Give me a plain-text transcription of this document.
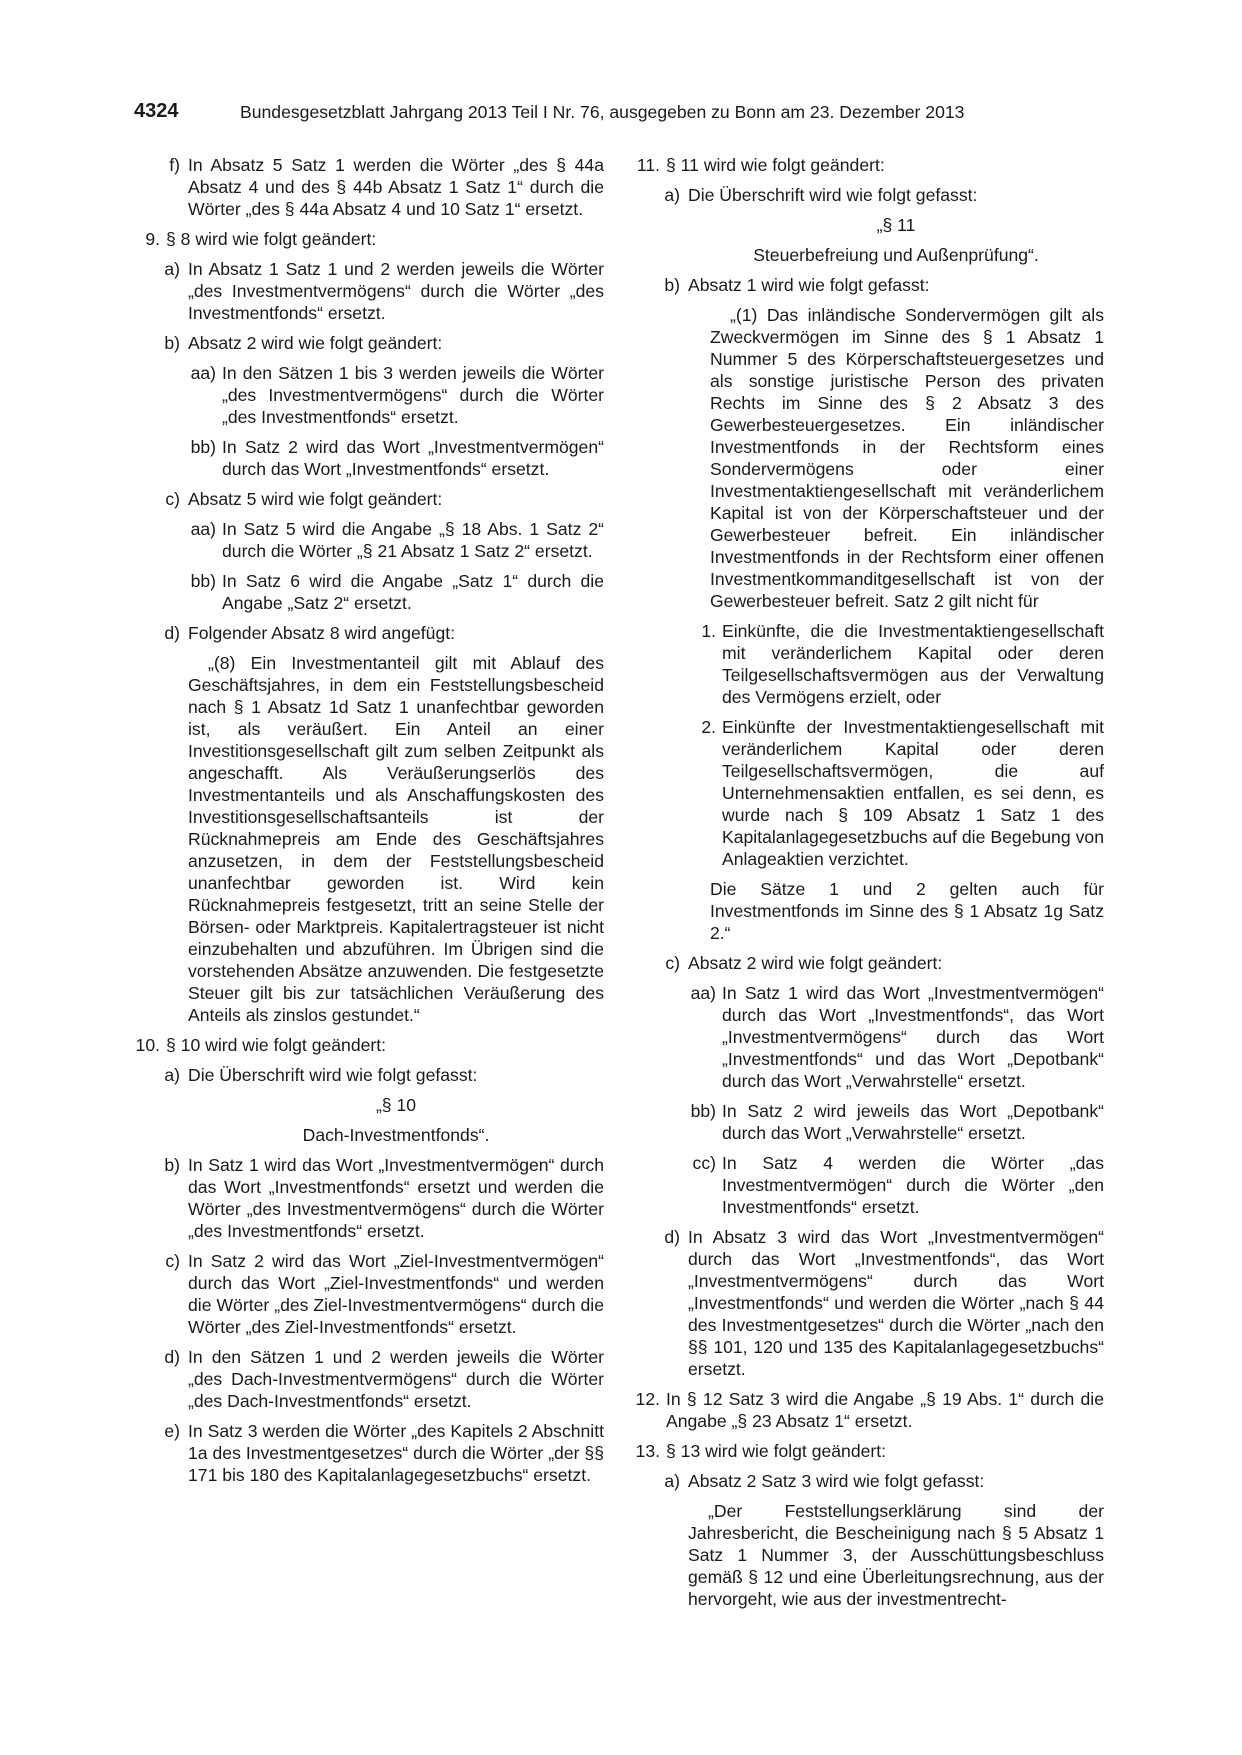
4324	Bundesgesetzblatt Jahrgang 2013 Teil I Nr. 76, ausgegeben zu Bonn am 23. Dezember 2013
f) In Absatz 5 Satz 1 werden die Wörter „des § 44a Absatz 4 und des § 44b Absatz 1 Satz 1“ durch die Wörter „des § 44a Absatz 4 und 10 Satz 1“ ersetzt.
9. § 8 wird wie folgt geändert:
a) In Absatz 1 Satz 1 und 2 werden jeweils die Wörter „des Investmentvermögens“ durch die Wörter „des Investmentfonds“ ersetzt.
b) Absatz 2 wird wie folgt geändert:
aa) In den Sätzen 1 bis 3 werden jeweils die Wörter „des Investmentvermögens“ durch die Wörter „des Investmentfonds“ ersetzt.
bb) In Satz 2 wird das Wort „Investmentvermögen“ durch das Wort „Investmentfonds“ ersetzt.
c) Absatz 5 wird wie folgt geändert:
aa) In Satz 5 wird die Angabe „§ 18 Abs. 1 Satz 2“ durch die Wörter „§ 21 Absatz 1 Satz 2“ ersetzt.
bb) In Satz 6 wird die Angabe „Satz 1“ durch die Angabe „Satz 2“ ersetzt.
d) Folgender Absatz 8 wird angefügt:
„(8) Ein Investmentanteil gilt mit Ablauf des Geschäftsjahres, in dem ein Feststellungsbescheid nach § 1 Absatz 1d Satz 1 unanfechtbar geworden ist, als veräußert. Ein Anteil an einer Investitionsgesellschaft gilt zum selben Zeitpunkt als angeschafft. Als Veräußerungserlös des Investmentanteils und als Anschaffungskosten des Investitionsgesellschaftsanteils ist der Rücknahmepreis am Ende des Geschäftsjahres anzusetzen, in dem der Feststellungsbescheid unanfechtbar geworden ist. Wird kein Rücknahmepreis festgesetzt, tritt an seine Stelle der Börsen- oder Marktpreis. Kapitalertragsteuer ist nicht einzubehalten und abzuführen. Im Übrigen sind die vorstehenden Absätze anzuwenden. Die festgesetzte Steuer gilt bis zur tatsächlichen Veräußerung des Anteils als zinslos gestundet.“
10. § 10 wird wie folgt geändert:
a) Die Überschrift wird wie folgt gefasst:
„§ 10
Dach-Investmentfonds“.
b) In Satz 1 wird das Wort „Investmentvermögen“ durch das Wort „Investmentfonds“ ersetzt und werden die Wörter „des Investmentvermögens“ durch die Wörter „des Investmentfonds“ ersetzt.
c) In Satz 2 wird das Wort „Ziel-Investmentvermögen“ durch das Wort „Ziel-Investmentfonds“ und werden die Wörter „des Ziel-Investmentvermögens“ durch die Wörter „des Ziel-Investmentfonds“ ersetzt.
d) In den Sätzen 1 und 2 werden jeweils die Wörter „des Dach-Investmentvermögens“ durch die Wörter „des Dach-Investmentfonds“ ersetzt.
e) In Satz 3 werden die Wörter „des Kapitels 2 Abschnitt 1a des Investmentgesetzes“ durch die Wörter „der §§ 171 bis 180 des Kapitalanlagegesetzbuchs“ ersetzt.
11. § 11 wird wie folgt geändert:
a) Die Überschrift wird wie folgt gefasst:
„§ 11
Steuerbefreiung und Außenprüfung“.
b) Absatz 1 wird wie folgt gefasst:
„(1) Das inländische Sondervermögen gilt als Zweckvermögen im Sinne des § 1 Absatz 1 Nummer 5 des Körperschaftsteuergesetzes und als sonstige juristische Person des privaten Rechts im Sinne des § 2 Absatz 3 des Gewerbesteuergesetzes. Ein inländischer Investmentfonds in der Rechtsform eines Sondervermögens oder einer Investmentaktiengesellschaft mit veränderlichem Kapital ist von der Körperschaftsteuer und der Gewerbesteuer befreit. Ein inländischer Investmentfonds in der Rechtsform einer offenen Investmentkommanditgesellschaft ist von der Gewerbesteuer befreit. Satz 2 gilt nicht für
1. Einkünfte, die die Investmentaktiengesellschaft mit veränderlichem Kapital oder deren Teilgesellschaftsvermögen aus der Verwaltung des Vermögens erzielt, oder
2. Einkünfte der Investmentaktiengesellschaft mit veränderlichem Kapital oder deren Teilgesellschaftsvermögen, die auf Unternehmensaktien entfallen, es sei denn, es wurde nach § 109 Absatz 1 Satz 1 des Kapitalanlagegesetzbuchs auf die Begebung von Anlageaktien verzichtet.
Die Sätze 1 und 2 gelten auch für Investmentfonds im Sinne des § 1 Absatz 1g Satz 2.“
c) Absatz 2 wird wie folgt geändert:
aa) In Satz 1 wird das Wort „Investmentvermögen“ durch das Wort „Investmentfonds“, das Wort „Investmentvermögens“ durch das Wort „Investmentfonds“ und das Wort „Depotbank“ durch das Wort „Verwahrstelle“ ersetzt.
bb) In Satz 2 wird jeweils das Wort „Depotbank“ durch das Wort „Verwahrstelle“ ersetzt.
cc) In Satz 4 werden die Wörter „das Investmentvermögen“ durch die Wörter „den Investmentfonds“ ersetzt.
d) In Absatz 3 wird das Wort „Investmentvermögen“ durch das Wort „Investmentfonds“, das Wort „Investmentvermögens“ durch das Wort „Investmentfonds“ und werden die Wörter „nach § 44 des Investmentgesetzes“ durch die Wörter „nach den §§ 101, 120 und 135 des Kapitalanlagegesetzbuchs“ ersetzt.
12. In § 12 Satz 3 wird die Angabe „§ 19 Abs. 1“ durch die Angabe „§ 23 Absatz 1“ ersetzt.
13. § 13 wird wie folgt geändert:
a) Absatz 2 Satz 3 wird wie folgt gefasst:
„Der Feststellungserklärung sind der Jahresbericht, die Bescheinigung nach § 5 Absatz 1 Satz 1 Nummer 3, der Ausschüttungsbeschluss gemäß § 12 und eine Überleitungsrechnung, aus der hervorgeht, wie aus der investmentrecht-
